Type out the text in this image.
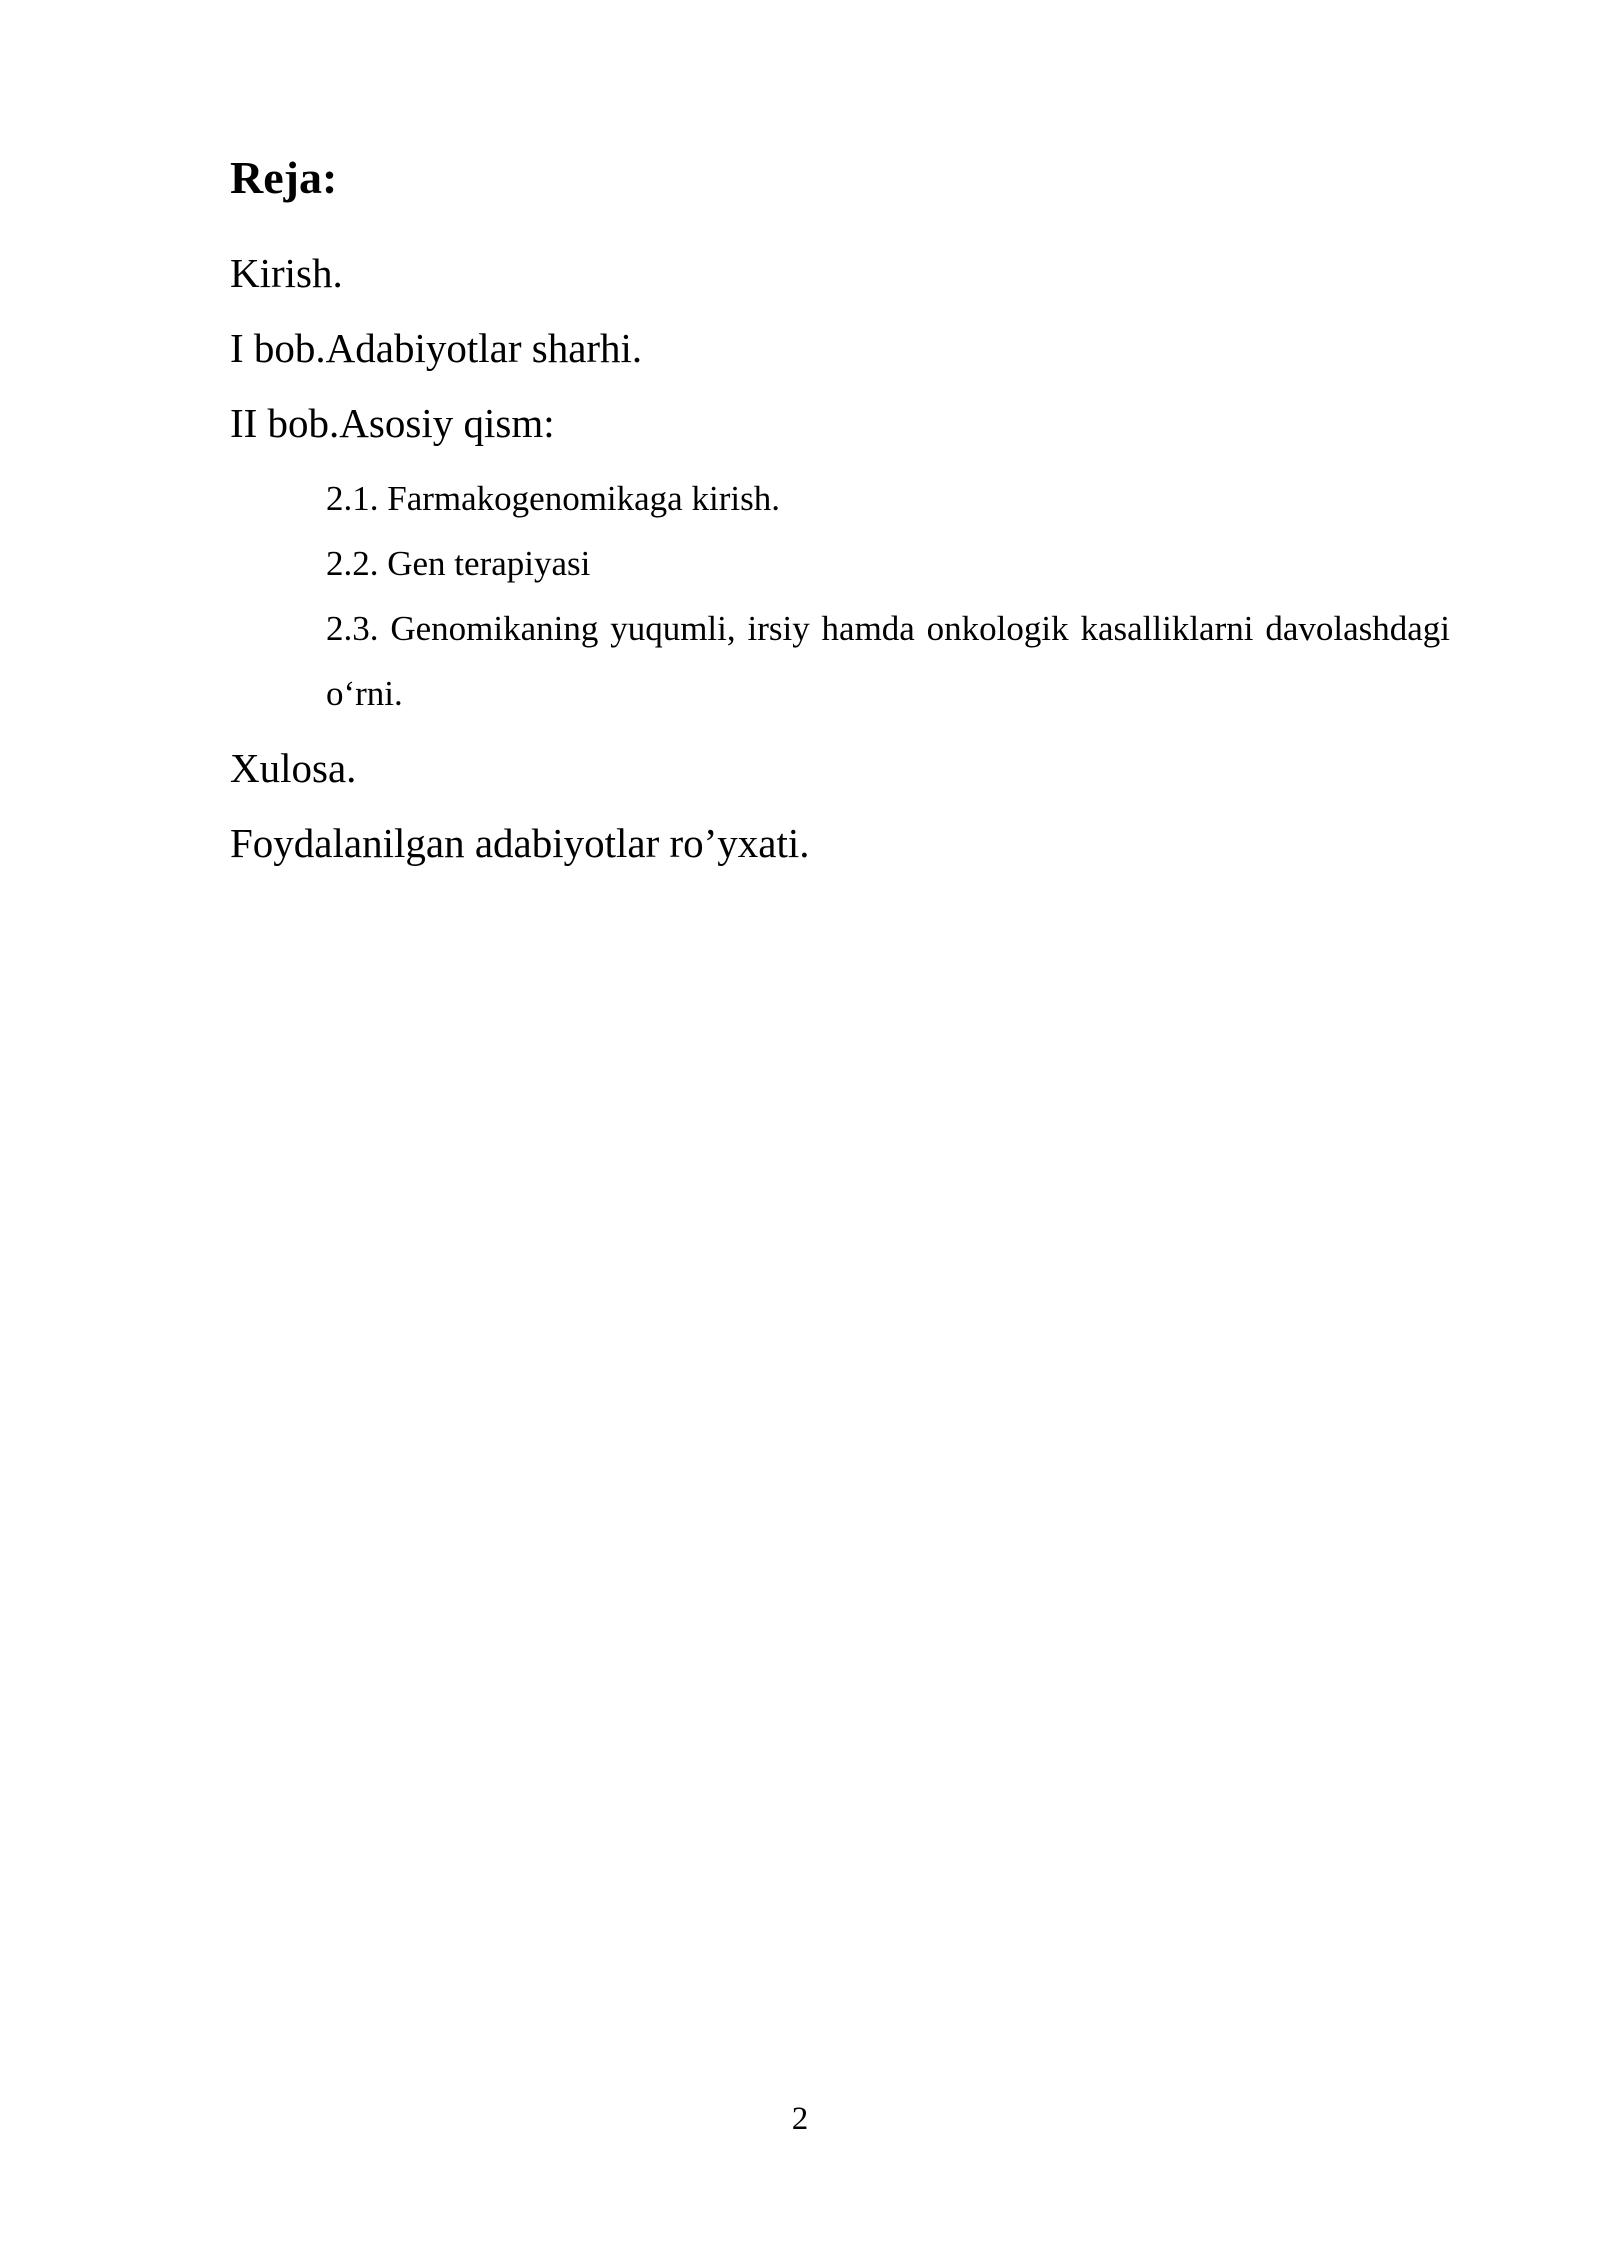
Reja:

Kirish.

I bob.Adabiyotlar sharhi.

II bob.Asosiy qism:

2.1. Farmakogenomikaga kirish.

2.2. Gen terapiyasi

2.3. Genomikaning yuqumli, irsiy hamda onkologik kasalliklarni davolashdagi o‘rni.

Xulosa.

Foydalanilgan adabiyotlar ro’yxati.

2
